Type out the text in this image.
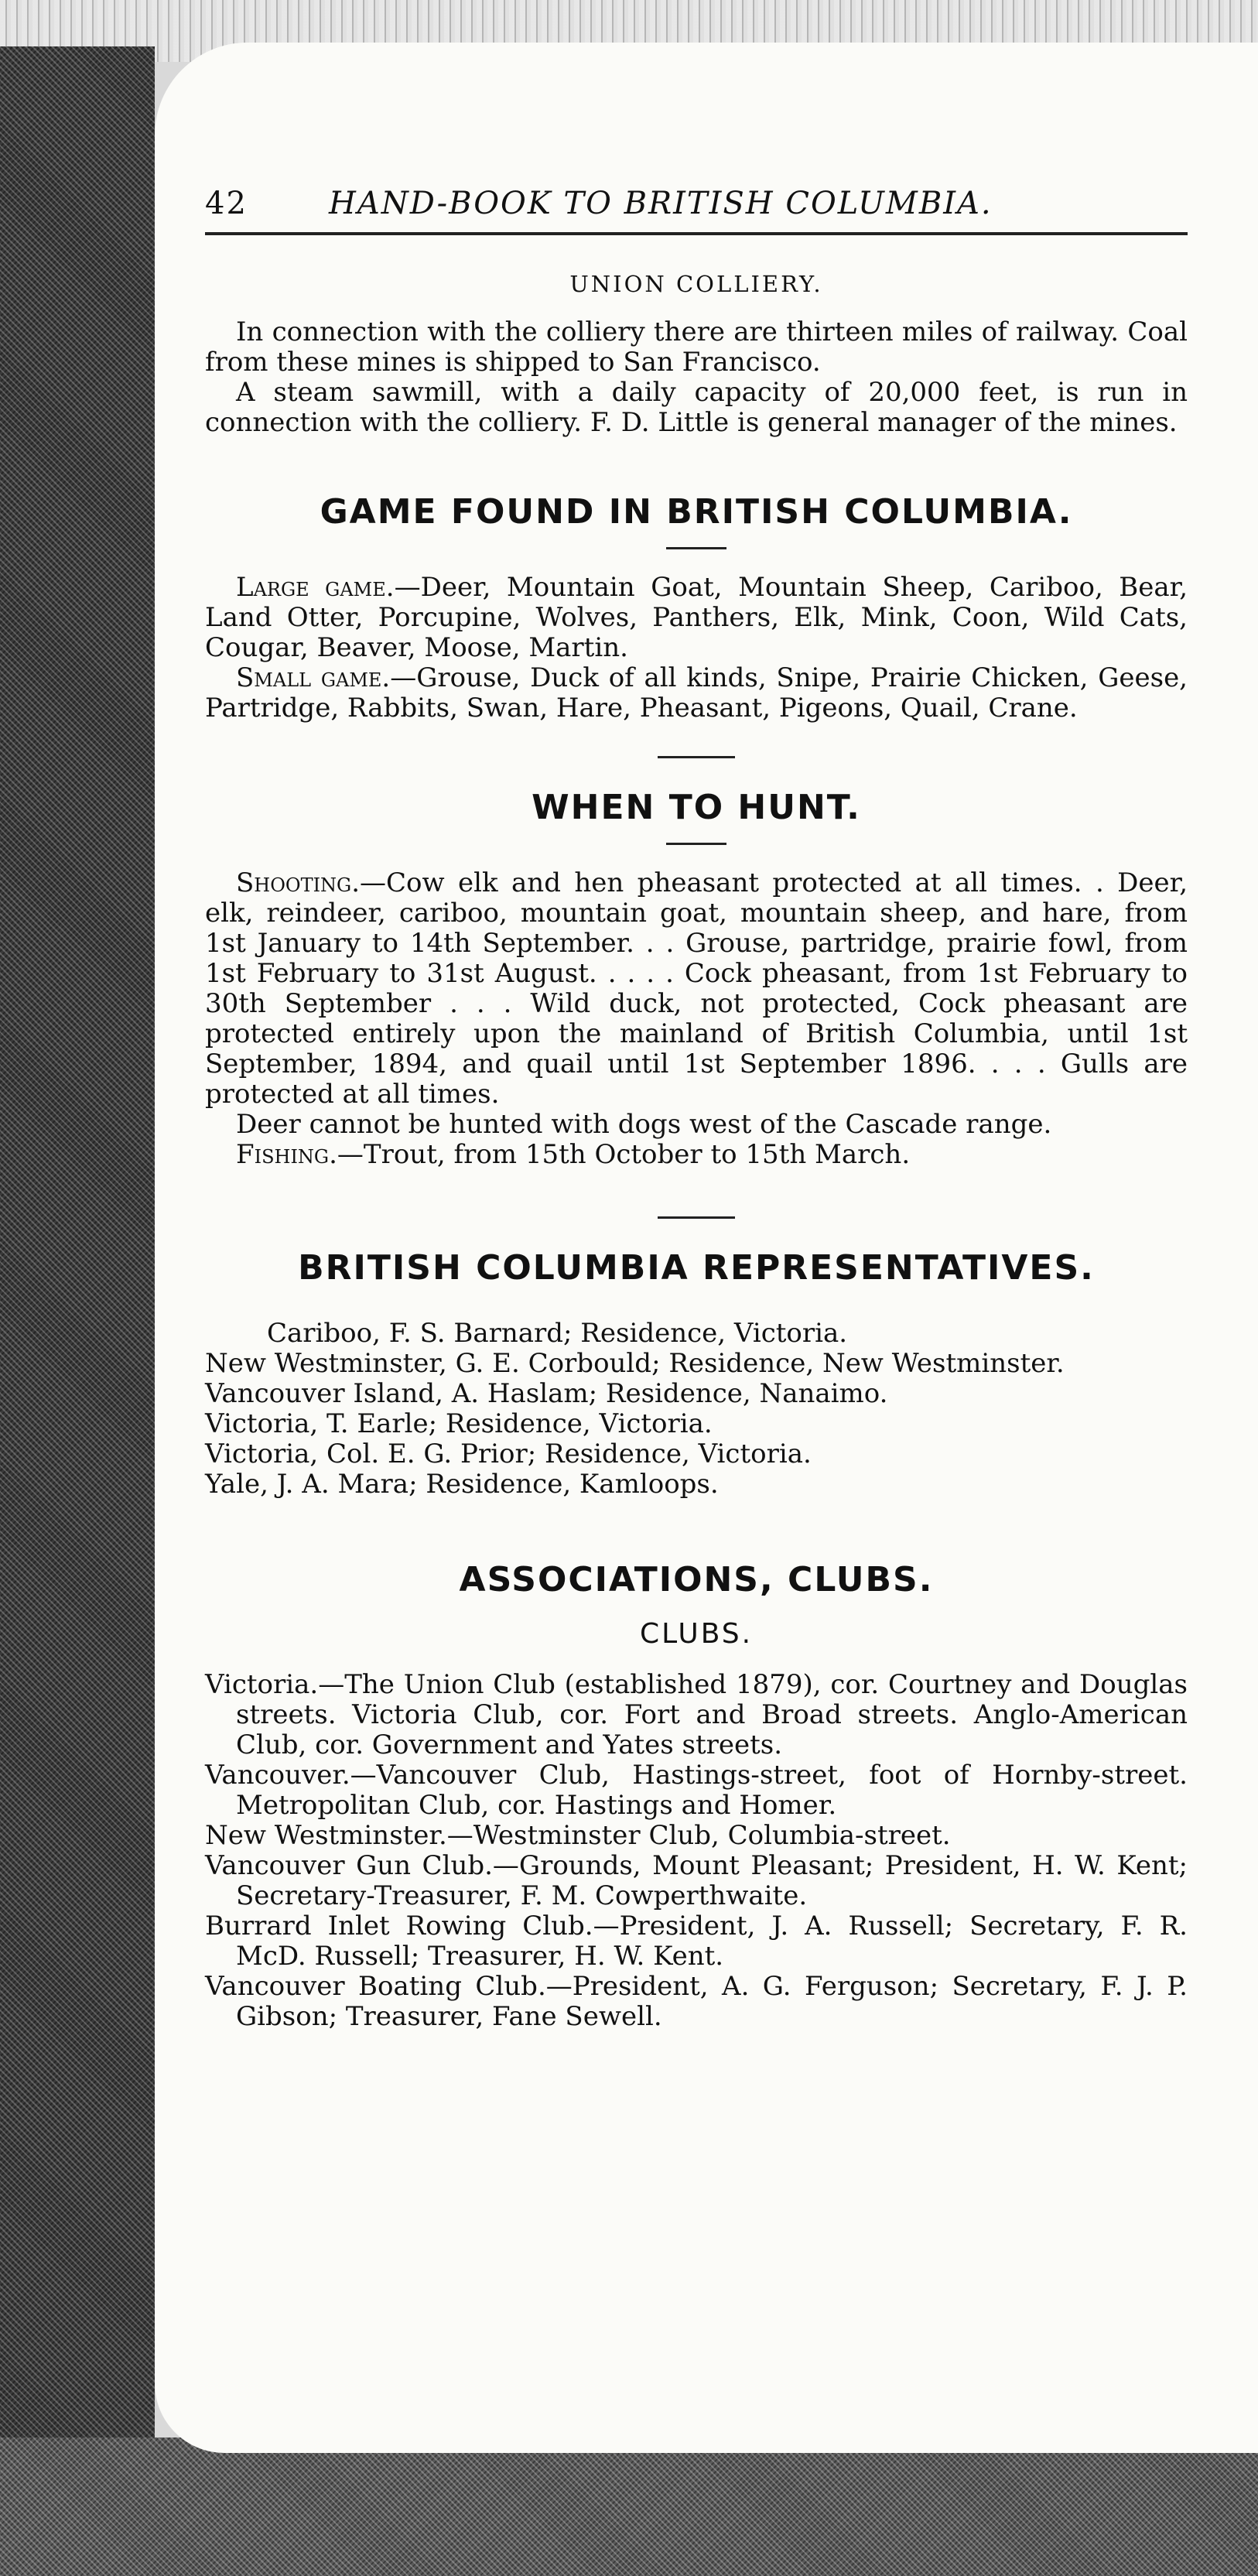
42	HAND-BOOK TO BRITISH COLUMBIA.
UNION COLLIERY.

In connection with the colliery there are thirteen miles of railway. Coal from these mines is shipped to San Francisco.

A steam sawmill, with a daily capacity of 20,000 feet, is run in connection with the colliery. F. D. Little is general manager of the mines.

GAME FOUND IN BRITISH COLUMBIA.

Large game.—Deer, Mountain Goat, Mountain Sheep, Cariboo, Bear, Land Otter, Porcupine, Wolves, Panthers, Elk, Mink, Coon, Wild Cats, Cougar, Beaver, Moose, Martin.

Small game.—Grouse, Duck of all kinds, Snipe, Prairie Chicken, Geese, Partridge, Rabbits, Swan, Hare, Pheasant, Pigeons, Quail, Crane.

WHEN TO HUNT.

Shooting.—Cow elk and hen pheasant protected at all times. . Deer, elk, reindeer, cariboo, mountain goat, mountain sheep, and hare, from 1st January to 14th September. . . Grouse, partridge, prairie fowl, from 1st February to 31st August. . . . . Cock pheasant, from 1st February to 30th September . . . Wild duck, not protected, Cock pheasant are protected entirely upon the mainland of British Columbia, until 1st September, 1894, and quail until 1st September 1896. . . . Gulls are protected at all times.

Deer cannot be hunted with dogs west of the Cascade range.

Fishing.—Trout, from 15th October to 15th March.

BRITISH COLUMBIA REPRESENTATIVES.

Cariboo, F. S. Barnard; Residence, Victoria.

New Westminster, G. E. Corbould; Residence, New Westminster.

Vancouver Island, A. Haslam; Residence, Nanaimo.

Victoria, T. Earle; Residence, Victoria.

Victoria, Col. E. G. Prior; Residence, Victoria.

Yale, J. A. Mara; Residence, Kamloops.

ASSOCIATIONS, CLUBS.
CLUBS.

Victoria.—The Union Club (established 1879), cor. Courtney and Douglas streets. Victoria Club, cor. Fort and Broad streets. Anglo-American Club, cor. Government and Yates streets.

Vancouver.—Vancouver Club, Hastings-street, foot of Hornby-street. Metropolitan Club, cor. Hastings and Homer.

New Westminster.—Westminster Club, Columbia-street.

Vancouver Gun Club.—Grounds, Mount Pleasant; President, H. W. Kent; Secretary-Treasurer, F. M. Cowperthwaite.

Burrard Inlet Rowing Club.—President, J. A. Russell; Secretary, F. R. McD. Russell; Treasurer, H. W. Kent.

Vancouver Boating Club.—President, A. G. Ferguson; Secretary, F. J. P. Gibson; Treasurer, Fane Sewell.
